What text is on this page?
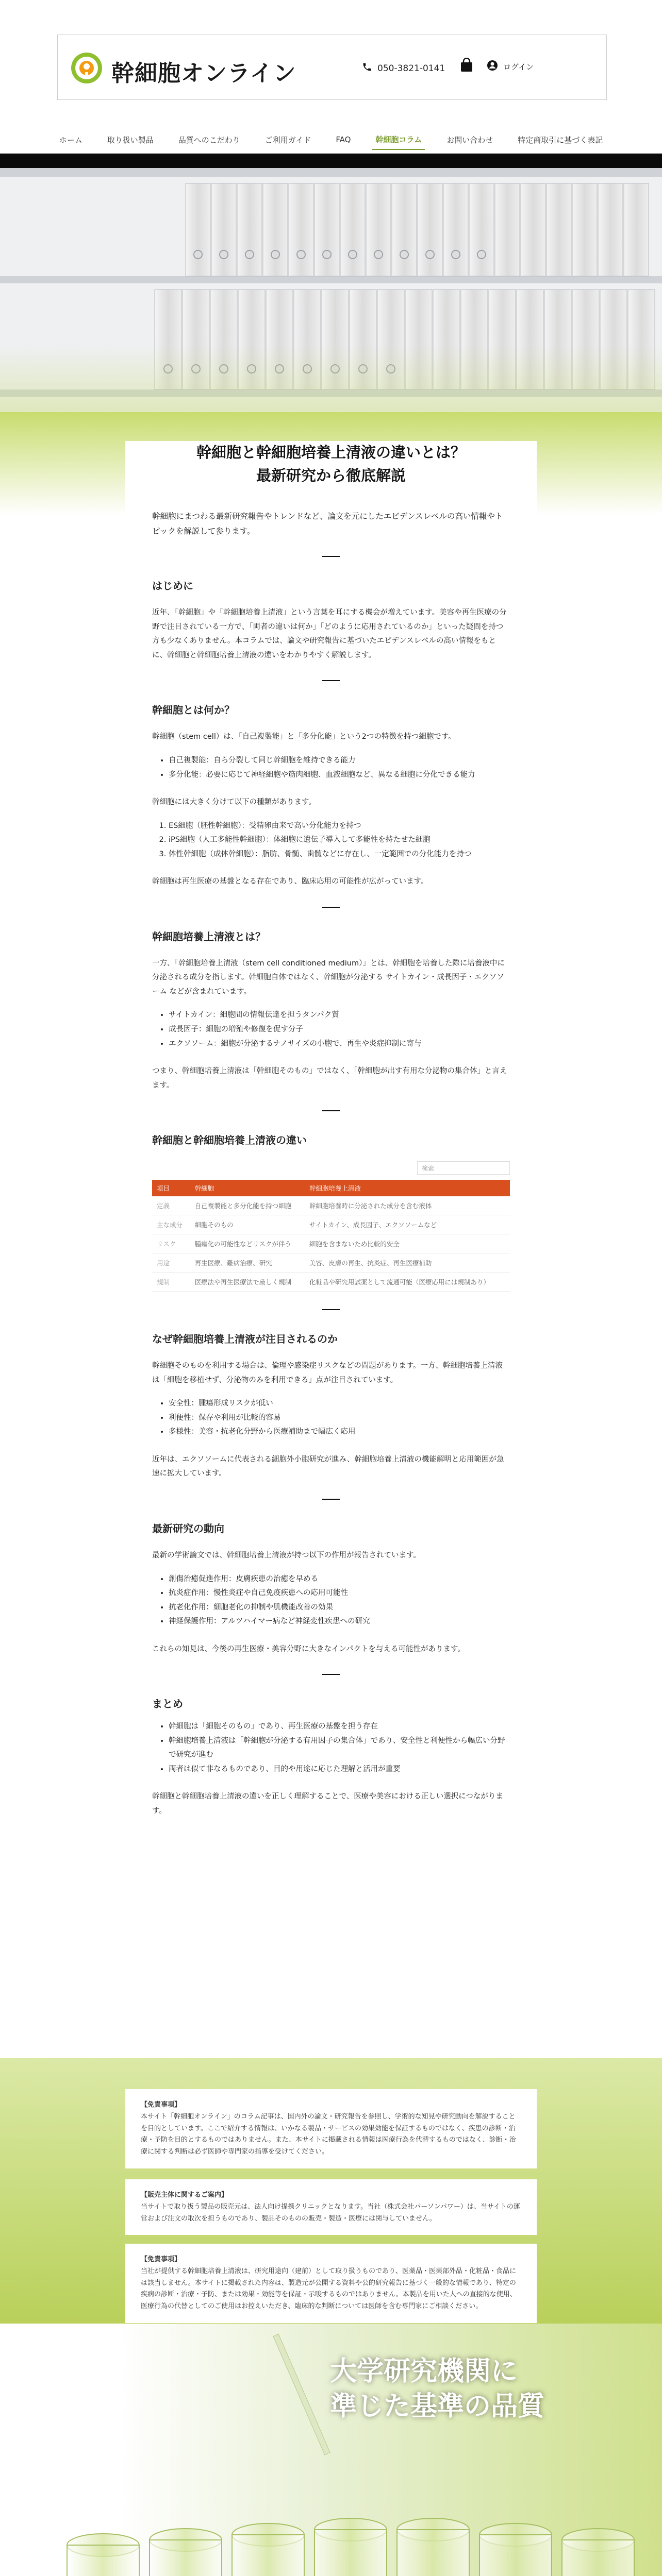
幹細胞オンライン	050-3821-0141	ログイン
ホーム	取り扱い製品	品質へのこだわり	ご利用ガイド	FAQ	幹細胞コラム	お問い合わせ	特定商取引に基づく表記
幹細胞と幹細胞培養上清液の違いとは？
最新研究から徹底解説
幹細胞にまつわる最新研究報告やトレンドなど、論文を元にしたエビデンスレベルの高い情報やトピックを解説して参ります。
はじめに
近年、「幹細胞」や「幹細胞培養上清液」という言葉を耳にする機会が増えています。美容や再生医療の分野で注目されている一方で、「両者の違いは何か」「どのように応用されているのか」といった疑問を持つ方も少なくありません。本コラムでは、論文や研究報告に基づいたエビデンスレベルの高い情報をもとに、幹細胞と幹細胞培養上清液の違いをわかりやすく解説します。
幹細胞とは何か？
幹細胞（stem cell）は、「自己複製能」と「多分化能」という2つの特徴を持つ細胞です。
• 自己複製能：自ら分裂して同じ幹細胞を維持できる能力
• 多分化能：必要に応じて神経細胞や筋肉細胞、血液細胞など、異なる細胞に分化できる能力
幹細胞には大きく分けて以下の種類があります。
1. ES細胞（胚性幹細胞）：受精卵由来で高い分化能力を持つ
2. iPS細胞（人工多能性幹細胞）：体細胞に遺伝子導入して多能性を持たせた細胞
3. 体性幹細胞（成体幹細胞）：脂肪、骨髄、歯髄などに存在し、一定範囲での分化能力を持つ
幹細胞は再生医療の基盤となる存在であり、臨床応用の可能性が広がっています。
幹細胞培養上清液とは？
一方、「幹細胞培養上清液（stem cell conditioned medium）」とは、幹細胞を培養した際に培養液中に分泌される成分を指します。幹細胞自体ではなく、幹細胞が分泌する サイトカイン・成長因子・エクソソーム などが含まれています。
• サイトカイン：細胞間の情報伝達を担うタンパク質
• 成長因子：細胞の増殖や修復を促す分子
• エクソソーム：細胞が分泌するナノサイズの小胞で、再生や炎症抑制に寄与
つまり、幹細胞培養上清液は「幹細胞そのもの」ではなく、「幹細胞が出す有用な分泌物の集合体」と言えます。
幹細胞と幹細胞培養上清液の違い
検索
項目	幹細胞	幹細胞培養上清液
定義	自己複製能と多分化能を持つ細胞	幹細胞培養時に分泌された成分を含む液体
主な成分	細胞そのもの	サイトカイン、成長因子、エクソソームなど
リスク	腫瘍化の可能性などリスクが伴う	細胞を含まないため比較的安全
用途	再生医療、難病治療、研究	美容、皮膚の再生、抗炎症、再生医療補助
規制	医療法や再生医療法で厳しく規制	化粧品や研究用試薬として流通可能（医療応用には規制あり）
なぜ幹細胞培養上清液が注目されるのか
幹細胞そのものを利用する場合は、倫理や感染症リスクなどの問題があります。一方、幹細胞培養上清液は「細胞を移植せず、分泌物のみを利用できる」点が注目されています。
• 安全性：腫瘍形成リスクが低い
• 利便性：保存や利用が比較的容易
• 多様性：美容・抗老化分野から医療補助まで幅広く応用
近年は、エクソソームに代表される細胞外小胞研究が進み、幹細胞培養上清液の機能解明と応用範囲が急速に拡大しています。
最新研究の動向
最新の学術論文では、幹細胞培養上清液が持つ以下の作用が報告されています。
• 創傷治癒促進作用：皮膚疾患の治癒を早める
• 抗炎症作用：慢性炎症や自己免疫疾患への応用可能性
• 抗老化作用：細胞老化の抑制や肌機能改善の効果
• 神経保護作用：アルツハイマー病など神経変性疾患への研究
これらの知見は、今後の再生医療・美容分野に大きなインパクトを与える可能性があります。
まとめ
• 幹細胞は「細胞そのもの」であり、再生医療の基盤を担う存在
• 幹細胞培養上清液は「幹細胞が分泌する有用因子の集合体」であり、安全性と利便性から幅広い分野で研究が進む
• 両者は似て非なるものであり、目的や用途に応じた理解と活用が重要
幹細胞と幹細胞培養上清液の違いを正しく理解することで、医療や美容における正しい選択につながります。
【免責事項】
本サイト「幹細胞オンライン」のコラム記事は、国内外の論文・研究報告を参照し、学術的な知見や研究動向を解説することを目的としています。ここで紹介する情報は、いかなる製品・サービスの効果効能を保証するものではなく、疾患の診断・治療・予防を目的とするものではありません。また、本サイトに掲載される情報は医療行為を代替するものではなく、診断・治療に関する判断は必ず医師や専門家の指導を受けてください。
【販売主体に関するご案内】
当サイトで取り扱う製品の販売元は、法人向け提携クリニックとなります。当社（株式会社パーソンパワー）は、当サイトの運営および注文の取次を担うものであり、製品そのものの販売・製造・医療には関与していません。
【免責事項】
当社が提供する幹細胞培養上清液は、研究用途向（建前）として取り扱うものであり、医薬品・医薬部外品・化粧品・食品には該当しません。本サイトに掲載された内容は、製造元が公開する資料や公的研究報告に基づく一般的な情報であり、特定の疾病の診断・治療・予防、または効果・効能等を保証・示唆するものではありません。本製品を用いた人への直接的な使用、医療行為の代替としてのご使用はお控えいただき、臨床的な判断については医師を含む専門家にご相談ください。
大学研究機関に
準じた基準の品質
